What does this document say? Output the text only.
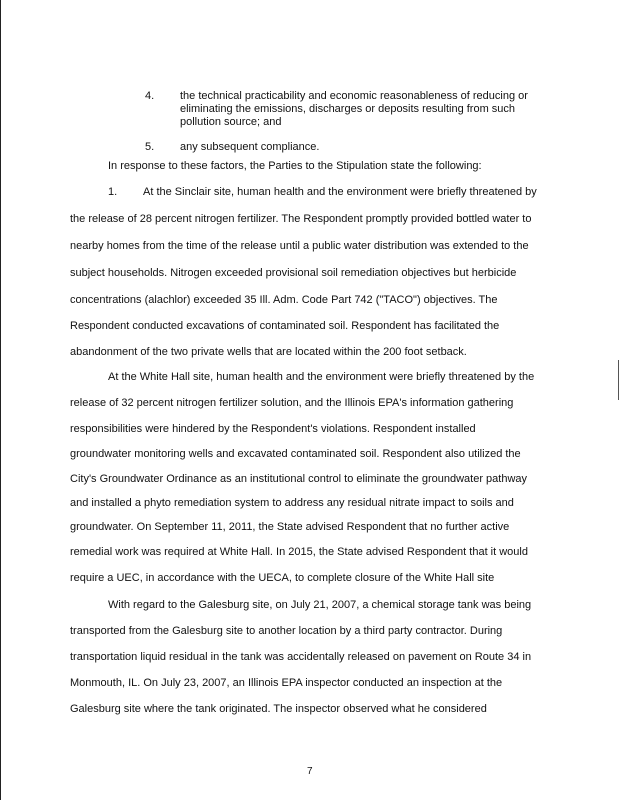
4. the technical practicability and economic reasonableness of reducing or
eliminating the emissions, discharges or deposits resulting from such
pollution source; and
5. any subsequent compliance.
In response to these factors, the Parties to the Stipulation state the following:
1. At the Sinclair site, human health and the environment were briefly threatened by
the release of 28 percent nitrogen fertilizer. The Respondent promptly provided bottled water to
nearby homes from the time of the release until a public water distribution was extended to the
subject households. Nitrogen exceeded provisional soil remediation objectives but herbicide
concentrations (alachlor) exceeded 35 Ill. Adm. Code Part 742 ("TACO") objectives. The
Respondent conducted excavations of contaminated soil. Respondent has facilitated the
abandonment of the two private wells that are located within the 200 foot setback.
At the White Hall site, human health and the environment were briefly threatened by the
release of 32 percent nitrogen fertilizer solution, and the Illinois EPA's information gathering
responsibilities were hindered by the Respondent's violations. Respondent installed
groundwater monitoring wells and excavated contaminated soil. Respondent also utilized the
City's Groundwater Ordinance as an institutional control to eliminate the groundwater pathway
and installed a phyto remediation system to address any residual nitrate impact to soils and
groundwater. On September 11, 2011, the State advised Respondent that no further active
remedial work was required at White Hall. In 2015, the State advised Respondent that it would
require a UEC, in accordance with the UECA, to complete closure of the White Hall site
With regard to the Galesburg site, on July 21, 2007, a chemical storage tank was being
transported from the Galesburg site to another location by a third party contractor. During
transportation liquid residual in the tank was accidentally released on pavement on Route 34 in
Monmouth, IL. On July 23, 2007, an Illinois EPA inspector conducted an inspection at the
Galesburg site where the tank originated. The inspector observed what he considered
7
